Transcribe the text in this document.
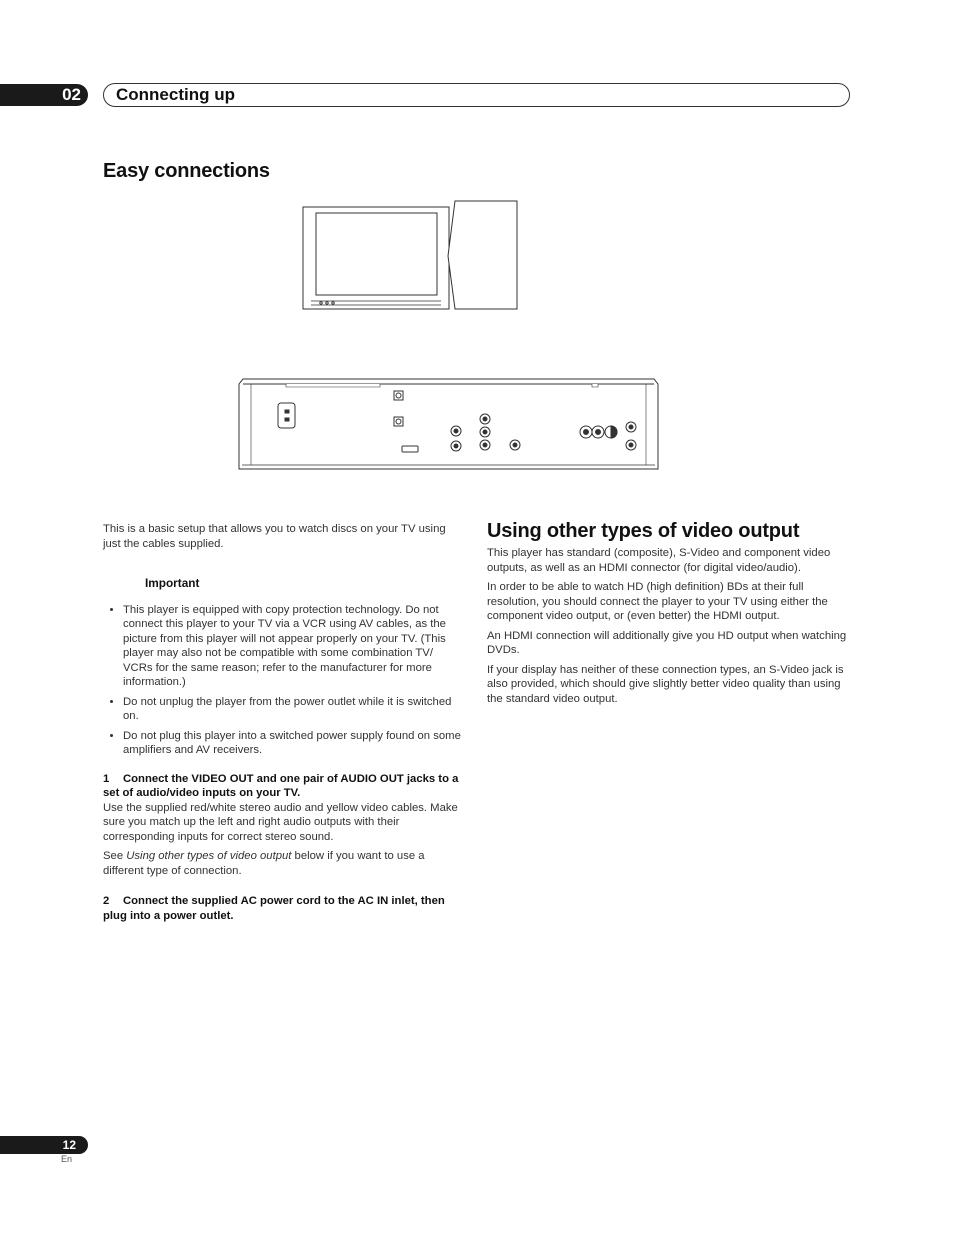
02	Connecting up
Easy connections

This is a basic setup that allows you to watch discs on your TV using just the cables supplied.

Important
• This player is equipped with copy protection technology. Do not connect this player to your TV via a VCR using AV cables, as the picture from this player will not appear properly on your TV. (This player may also not be compatible with some combination TV/ VCRs for the same reason; refer to the manufacturer for more information.)
• Do not unplug the player from the power outlet while it is switched on.
• Do not plug this player into a switched power supply found on some amplifiers and AV receivers.

1 Connect the VIDEO OUT and one pair of AUDIO OUT jacks to a set of audio/video inputs on your TV.

Use the supplied red/white stereo audio and yellow video cables. Make sure you match up the left and right audio outputs with their corresponding inputs for correct stereo sound.

See Using other types of video output below if you want to use a different type of connection.

2 Connect the supplied AC power cord to the AC IN inlet, then plug into a power outlet.

Using other types of video output

This player has standard (composite), S-Video and component video outputs, as well as an HDMI connector (for digital video/audio).

In order to be able to watch HD (high definition) BDs at their full resolution, you should connect the player to your TV using either the component video output, or (even better) the HDMI output.

An HDMI connection will additionally give you HD output when watching DVDs.

If your display has neither of these connection types, an S-Video jack is also provided, which should give slightly better video quality than using the standard video output.

12
En
